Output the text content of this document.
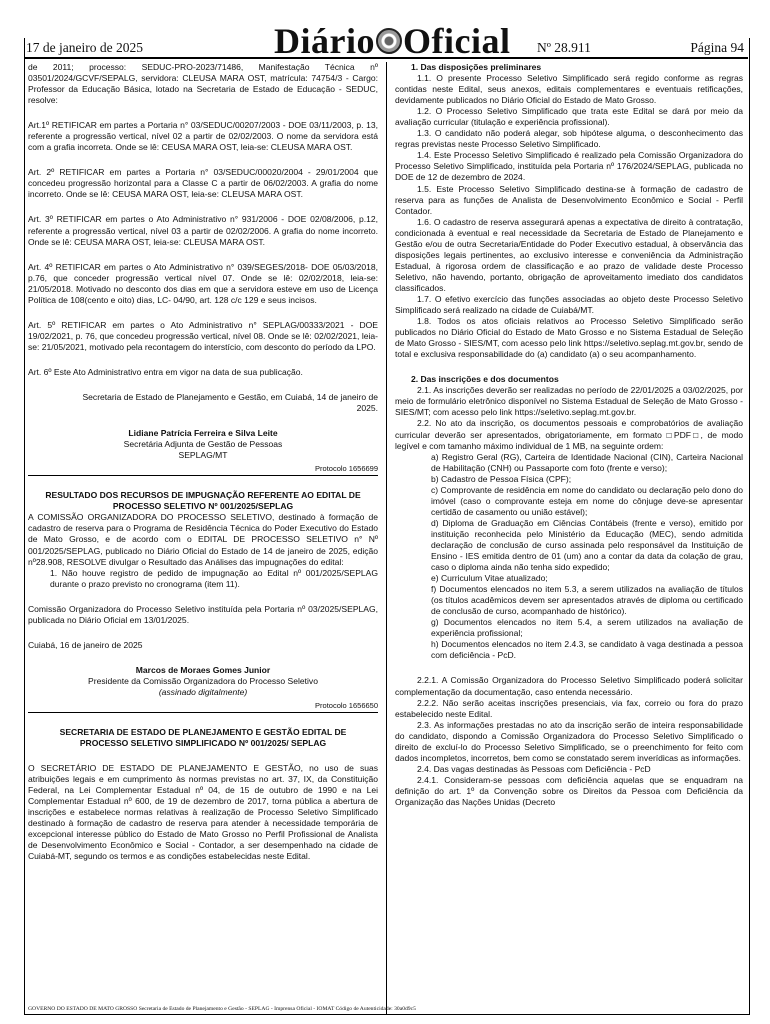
17 de janeiro de 2025	Diário Oficial Nº 28.911	Página 94

de 2011; processo: SEDUC-PRO-2023/71486, Manifestação Técnica nº 03501/2024/GCVF/SEPALG, servidora: CLEUSA MARA OST, matrícula: 74754/3 - Cargo: Professor da Educação Básica, lotado na Secretaria de Estado de Educação - SEDUC, resolve:

Art.1º RETIFICAR em partes a Portaria n° 03/SEDUC/00207/2003 - DOE 03/11/2003, p. 13, referente a progressão vertical, nível 02 a partir de 02/02/2003. O nome da servidora está com a grafia incorreta. Onde se lê: CEUSA MARA OST, leia-se: CLEUSA MARA OST.

Art. 2º RETIFICAR em partes a Portaria n° 03/SEDUC/00020/2004 - 29/01/2004 que concedeu progressão horizontal para a Classe C a partir de 06/02/2003. A grafia do nome incorreto. Onde se lê: CEUSA MARA OST, leia-se: CLEUSA MARA OST.

Art. 3º RETIFICAR em partes o Ato Administrativo n° 931/2006 - DOE 02/08/2006, p.12, referente a progressão vertical, nível 03 a partir de 02/02/2006. A grafia do nome incorreto. Onde se lê: CEUSA MARA OST, leia-se: CLEUSA MARA OST.

Art. 4º RETIFICAR em partes o Ato Administrativo n° 039/SEGES/2018- DOE 05/03/2018, p.76, que conceder progressão vertical nível 07. Onde se lê: 02/02/2018, leia-se: 21/05/2018. Motivado no desconto dos dias em que a servidora esteve em uso de Licença Política de 108(cento e oito) dias, LC- 04/90, art. 128 c/c 129 e seus incisos.

Art. 5º RETIFICAR em partes o Ato Administrativo n° SEPLAG/00333/2021 - DOE 19/02/2021, p. 76, que concedeu progressão vertical, nível 08. Onde se lê: 02/02/2021, leia-se: 21/05/2021, motivado pela recontagem do interstício, com desconto do período da LPO.

Art. 6º Este Ato Administrativo entra em vigor na data de sua publicação.

Secretaria de Estado de Planejamento e Gestão, em Cuiabá, 14 de janeiro de 2025.

Lidiane Patrícia Ferreira e Silva Leite

Secretária Adjunta de Gestão de Pessoas

SEPLAG/MT

Protocolo 1656699

RESULTADO DOS RECURSOS DE IMPUGNAÇÃO REFERENTE AO EDITAL DE PROCESSO SELETIVO Nº 001/2025/SEPLAG

A COMISSÃO ORGANIZADORA DO PROCESSO SELETIVO, destinado à formação de cadastro de reserva para o Programa de Residência Técnica do Poder Executivo do Estado de Mato Grosso, e de acordo com o EDITAL DE PROCESSO SELETIVO n° Nº 001/2025/SEPLAG, publicado no Diário Oficial do Estado de 14 de janeiro de 2025, edição nº28.908, RESOLVE divulgar o Resultado das Análises das impugnações do edital:

1. Não houve registro de pedido de impugnação ao Edital nº 001/2025/SEPLAG durante o prazo previsto no cronograma (item 11).

Comissão Organizadora do Processo Seletivo instituída pela Portaria nº 03/2025/SEPLAG, publicada no Diário Oficial em 13/01/2025.

Cuiabá, 16 de janeiro de 2025

Marcos de Moraes Gomes Junior

Presidente da Comissão Organizadora do Processo Seletivo

(assinado digitalmente)

Protocolo 1656650

SECRETARIA DE ESTADO DE PLANEJAMENTO E GESTÃO EDITAL DE PROCESSO SELETIVO SIMPLIFICADO Nº 001/2025/ SEPLAG

O SECRETÁRIO DE ESTADO DE PLANEJAMENTO E GESTÃO, no uso de suas atribuições legais e em cumprimento às normas previstas no art. 37, IX, da Constituição Federal, na Lei Complementar Estadual nº 04, de 15 de outubro de 1990 e na Lei Complementar Estadual nº 600, de 19 de dezembro de 2017, torna pública a abertura de inscrições e estabelece normas relativas à realização de Processo Seletivo Simplificado destinado à formação de cadastro de reserva para atender à necessidade temporária de excepcional interesse público do Estado de Mato Grosso no Perfil Profissional de Analista de Desenvolvimento Econômico e Social - Contador, a ser desempenhado na cidade de Cuiabá-MT, segundo os termos e as condições estabelecidas neste Edital.

1. Das disposições preliminares

1.1. O presente Processo Seletivo Simplificado será regido conforme as regras contidas neste Edital, seus anexos, editais complementares e eventuais retificações, devidamente publicados no Diário Oficial do Estado de Mato Grosso.

1.2. O Processo Seletivo Simplificado que trata este Edital se dará por meio da avaliação curricular (titulação e experiência profissional).

1.3. O candidato não poderá alegar, sob hipótese alguma, o desconhecimento das regras previstas neste Processo Seletivo Simplificado.

1.4. Este Processo Seletivo Simplificado é realizado pela Comissão Organizadora do Processo Seletivo Simplificado, instituída pela Portaria nº 176/2024/SEPLAG, publicada no DOE de 12 de dezembro de 2024.

1.5. Este Processo Seletivo Simplificado destina-se à formação de cadastro de reserva para as funções de Analista de Desenvolvimento Econômico e Social - Perfil Contador.

1.6. O cadastro de reserva assegurará apenas a expectativa de direito à contratação, condicionada à eventual e real necessidade da Secretaria de Estado de Planejamento e Gestão e/ou de outra Secretaria/Entidade do Poder Executivo estadual, à observância das disposições legais pertinentes, ao exclusivo interesse e conveniência da Administração Estadual, à rigorosa ordem de classificação e ao prazo de validade deste Processo Seletivo, não havendo, portanto, obrigação de aproveitamento imediato dos candidatos classificados.

1.7. O efetivo exercício das funções associadas ao objeto deste Processo Seletivo Simplificado será realizado na cidade de Cuiabá/MT.

1.8. Todos os atos oficiais relativos ao Processo Seletivo Simplificado serão publicados no Diário Oficial do Estado de Mato Grosso e no Sistema Estadual de Seleção de Mato Grosso - SIES/MT, com acesso pelo link https://seletivo.seplag.mt.gov.br, sendo de total e exclusiva responsabilidade do (a) candidato (a) o seu acompanhamento.

2. Das inscrições e dos documentos

2.1. As inscrições deverão ser realizadas no período de 22/01/2025 a 03/02/2025, por meio de formulário eletrônico disponível no Sistema Estadual de Seleção de Mato Grosso - SIES/MT; com acesso pelo link https://seletivo.seplag.mt.gov.br.

2.2. No ato da inscrição, os documentos pessoais e comprobatórios de avaliação curricular deverão ser apresentados, obrigatoriamente, em formato □PDF□, de modo legível e com tamanho máximo individual de 1 MB, na seguinte ordem:

a) Registro Geral (RG), Carteira de Identidade Nacional (CIN), Carteira Nacional de Habilitação (CNH) ou Passaporte com foto (frente e verso);

b) Cadastro de Pessoa Física (CPF);

c) Comprovante de residência em nome do candidato ou declaração pelo dono do imóvel (caso o comprovante esteja em nome do cônjuge deve-se apresentar certidão de casamento ou união estável);

d) Diploma de Graduação em Ciências Contábeis (frente e verso), emitido por instituição reconhecida pelo Ministério da Educação (MEC), sendo admitida declaração de conclusão de curso assinada pelo responsável da Instituição de Ensino - IES emitida dentro de 01 (um) ano a contar da data da colação de grau, caso o diploma ainda não tenha sido expedido;

e) Curriculum Vitae atualizado;

f) Documentos elencados no item 5.3, a serem utilizados na avaliação de títulos (os títulos acadêmicos devem ser apresentados através de diploma ou certificado de conclusão de curso, acompanhado de histórico).

g) Documentos elencados no item 5.4, a serem utilizados na avaliação de experiência profissional;

h) Documentos elencados no item 2.4.3, se candidato à vaga destinada a pessoa com deficiência - PcD.

2.2.1. A Comissão Organizadora do Processo Seletivo Simplificado poderá solicitar complementação da documentação, caso entenda necessário.

2.2.2. Não serão aceitas inscrições presenciais, via fax, correio ou fora do prazo estabelecido neste Edital.

2.3. As informações prestadas no ato da inscrição serão de inteira responsabilidade do candidato, dispondo a Comissão Organizadora do Processo Seletivo Simplificado o direito de excluí-lo do Processo Seletivo Simplificado, se o preenchimento for feito com dados incompletos, incorretos, bem como se constatado serem inverídicas as informações.

2.4. Das vagas destinadas às Pessoas com Deficiência - PcD

2.4.1. Consideram-se pessoas com deficiência aquelas que se enquadram na definição do art. 1º da Convenção sobre os Direitos da Pessoa com Deficiência da Organização das Nações Unidas (Decreto

GOVERNO DO ESTADO DE MATO GROSSO Secretaria de Estado de Planejamento e Gestão - SEPLAG - Imprensa Oficial - IOMAT Código de Autenticidade: 30a0d9c5
